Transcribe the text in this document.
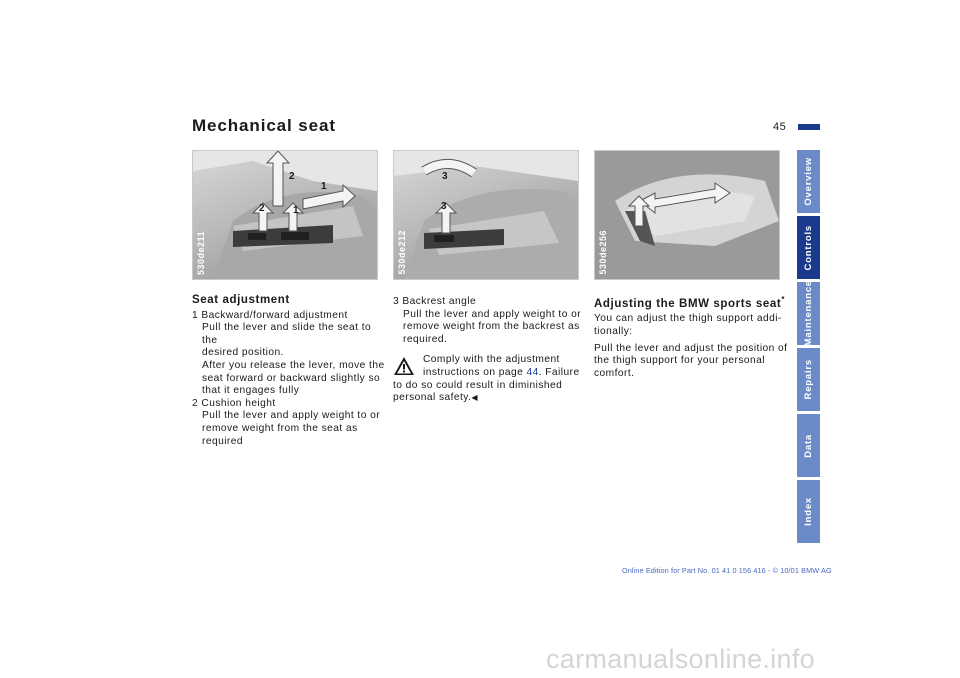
Mechanical seat	45
2
1
2	1
530de211
3
3
530de212	530de256
Seat adjustment
1 Backward/forward adjustment
Pull the lever and slide the seat to the
desired position.
After you release the lever, move the
seat forward or backward slightly so
that it engages fully
2 Cushion height
Pull the lever and apply weight to or
remove weight from the seat as
required
3 Backrest angle
Pull the lever and apply weight to or
remove weight from the backrest as
required.
Comply with the adjustment
instructions on page 44. Failure
to do so could result in diminished
personal safety.◀
Adjusting the BMW sports seat*
You can adjust the thigh support addi-
tionally:
Pull the lever and adjust the position of
the thigh support for your personal
comfort.
Overview
Controls
Maintenance
Repairs
Data
Index
Online Edition for Part No. 01 41 0 156 416 - © 10/01 BMW AG
carmanualsonline.info
